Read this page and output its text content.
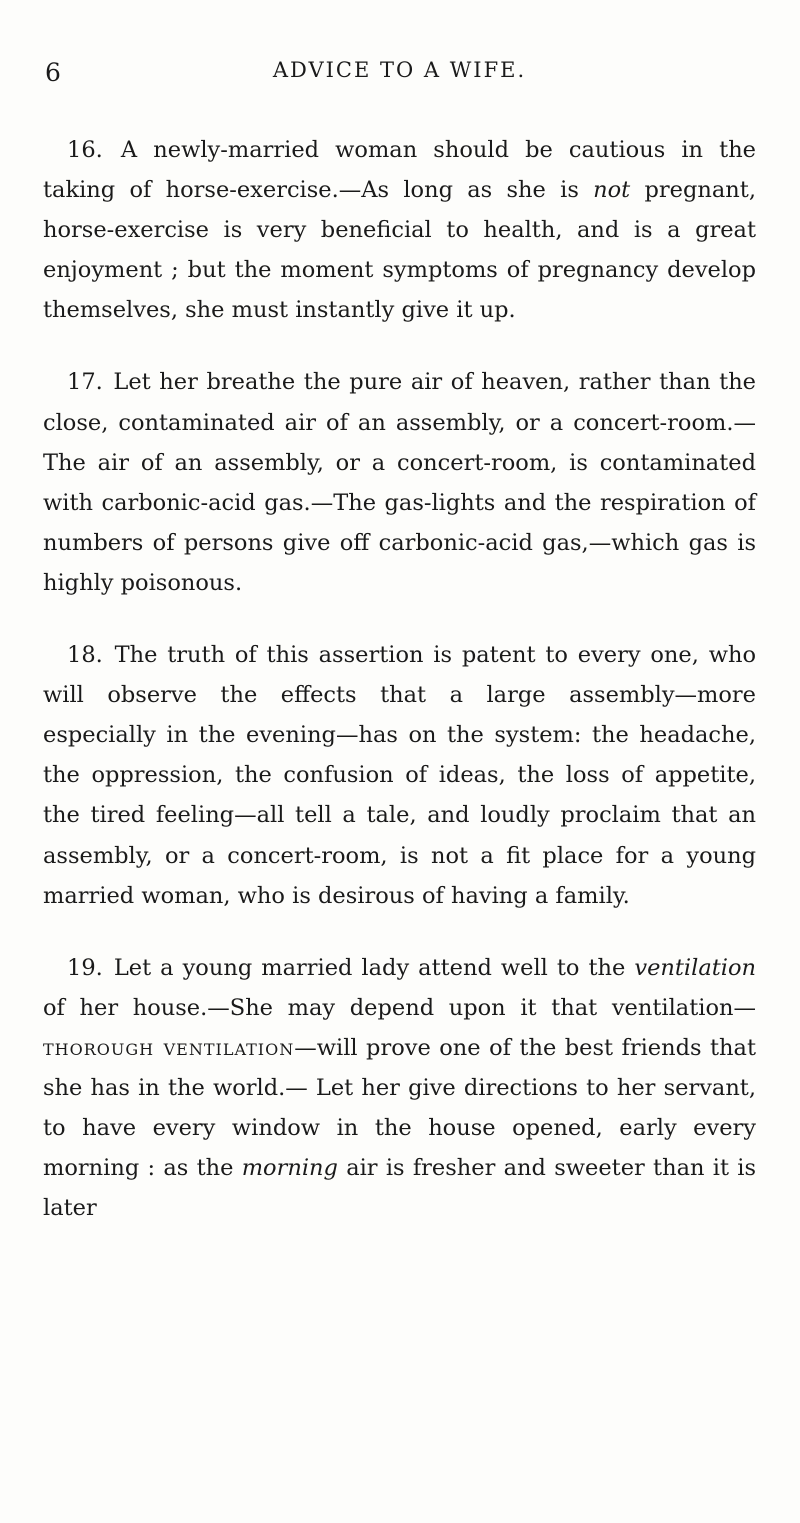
6	ADVICE TO A WIFE.

16. A newly-married woman should be cautious in the taking of horse-exercise.—As long as she is not pregnant, horse-exercise is very beneficial to health, and is a great enjoyment ; but the moment symptoms of pregnancy develop themselves, she must instantly give it up.

17. Let her breathe the pure air of heaven, rather than the close, contaminated air of an assembly, or a concert-room.—The air of an assembly, or a concert-room, is contaminated with carbonic-acid gas.—The gas-lights and the respiration of numbers of persons give off carbonic-acid gas,—which gas is highly poisonous.

18. The truth of this assertion is patent to every one, who will observe the effects that a large assembly—more especially in the evening—has on the system: the headache, the oppression, the confusion of ideas, the loss of appetite, the tired feeling—all tell a tale, and loudly proclaim that an assembly, or a concert-room, is not a fit place for a young married woman, who is desirous of having a family.

19. Let a young married lady attend well to the ventilation of her house.—She may depend upon it that ventilation—thorough ventilation—will prove one of the best friends that she has in the world.— Let her give directions to her servant, to have every window in the house opened, early every morning : as the morning air is fresher and sweeter than it is later
